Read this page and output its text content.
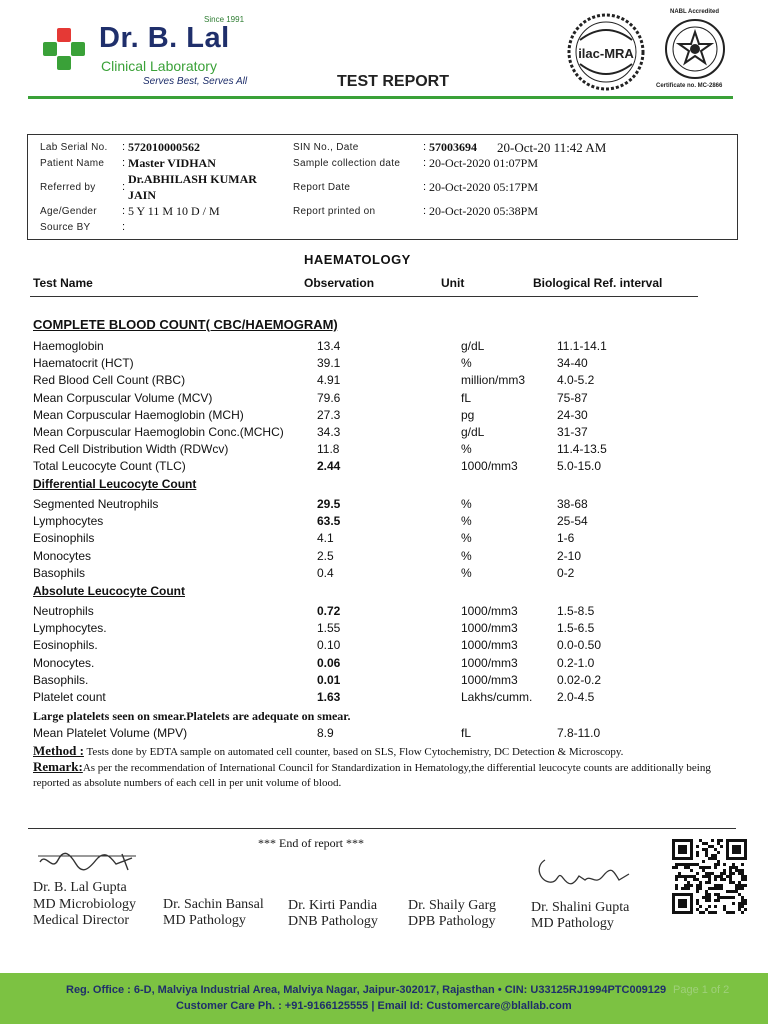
Since 1991
Dr. B. Lal
Clinical Laboratory
Serves Best, Serves All	TEST REPORT
ilac-MRA
NABL Accredited
Certificate no. MC-2866
Lab Serial No. : 572010000562
Patient Name : Master VIDHAN
Referred by :
Dr.ABHILASH KUMAR
JAIN
Age/Gender : 5 Y 11 M 10 D / M
Source BY	:
SIN No., Date	: 57003694 20-Oct-20 11:42 AM
Sample collection date : 20-Oct-2020 01:07PM
Report Date	: 20-Oct-2020 05:17PM
Report printed on	: 20-Oct-2020 05:38PM
HAEMATOLOGY
Test Name	Observation	Unit	Biological Ref. interval
COMPLETE BLOOD COUNT( CBC/HAEMOGRAM)
Haemoglobin	13.4	g/dL	11.1-14.1
Haematocrit (HCT)	39.1	%	34-40
Red Blood Cell Count (RBC)	4.91	million/mm3	4.0-5.2
Mean Corpuscular Volume (MCV)	79.6	fL	75-87
Mean Corpuscular Haemoglobin (MCH)	27.3	pg	24-30
Mean Corpuscular Haemoglobin Conc.(MCHC)	34.3	g/dL	31-37
Red Cell Distribution Width (RDWcv)	11.8	%	11.4-13.5
Total Leucocyte Count (TLC)	2.44	1000/mm3	5.0-15.0
Differential Leucocyte Count
Segmented Neutrophils	29.5	%	38-68
Lymphocytes	63.5	%	25-54
Eosinophils	4.1	%	1-6
Monocytes	2.5	%	2-10
Basophils	0.4	%	0-2
Absolute Leucocyte Count
Neutrophils	0.72	1000/mm3	1.5-8.5
Lymphocytes.	1.55	1000/mm3	1.5-6.5
Eosinophils.	0.10	1000/mm3	0.0-0.50
Monocytes.	0.06	1000/mm3	0.2-1.0
Basophils.	0.01	1000/mm3	0.02-0.2
Platelet count	1.63	Lakhs/cumm. 2.0-4.5
Large platelets seen on smear.Platelets are adequate on smear.
Mean Platelet Volume (MPV)	8.9	fL	7.8-11.0
Method : Tests done by EDTA sample on automated cell counter, based on SLS, Flow Cytochemistry, DC Detection & Microscopy.
Remark:As per the recommendation of International Council for Standardization in Hematology,the differential leucocyte counts are additionally being reported as absolute numbers of each cell in per unit volume of blood.
*** End of report ***
Dr. B. Lal Gupta
MD Microbiology
Medical Director
Dr. Sachin Bansal
MD Pathology
Dr. Kirti Pandia
DNB Pathology
Dr. Shaily Garg
DPB Pathology
Dr. Shalini Gupta
MD Pathology
Reg. Office : 6-D, Malviya Industrial Area, Malviya Nagar, Jaipur-302017, Rajasthan • CIN: U33125RJ1994PTC009129
Customer Care Ph. : +91-9166125555 | Email Id: Customercare@blallab.com
Page 1 of 2
